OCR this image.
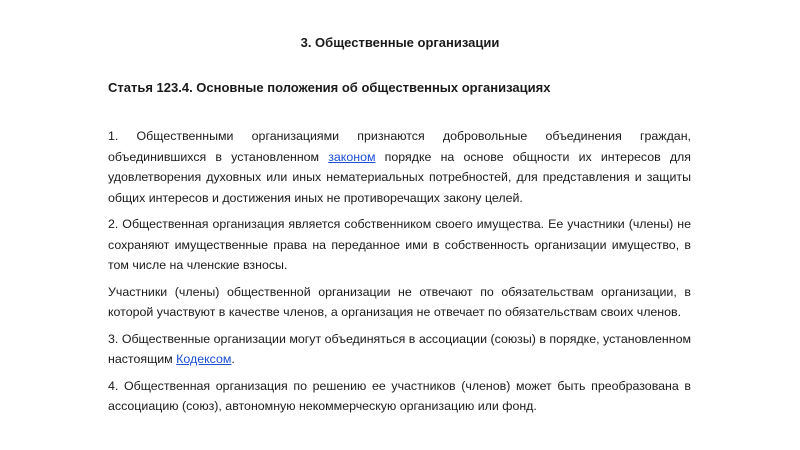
3. Общественные организации
Статья 123.4. Основные положения об общественных организациях

1. Общественными организациями признаются добровольные объединения граждан, объединившихся в установленном законом порядке на основе общности их интересов для удовлетворения духовных или иных нематериальных потребностей, для представления и защиты общих интересов и достижения иных не противоречащих закону целей.

2. Общественная организация является собственником своего имущества. Ее участники (члены) не сохраняют имущественные права на переданное ими в собственность организации имущество, в том числе на членские взносы.

Участники (члены) общественной организации не отвечают по обязательствам организации, в которой участвуют в качестве членов, а организация не отвечает по обязательствам своих членов.

3. Общественные организации могут объединяться в ассоциации (союзы) в порядке, установленном настоящим Кодексом.

4. Общественная организация по решению ее участников (членов) может быть преобразована в ассоциацию (союз), автономную некоммерческую организацию или фонд.
